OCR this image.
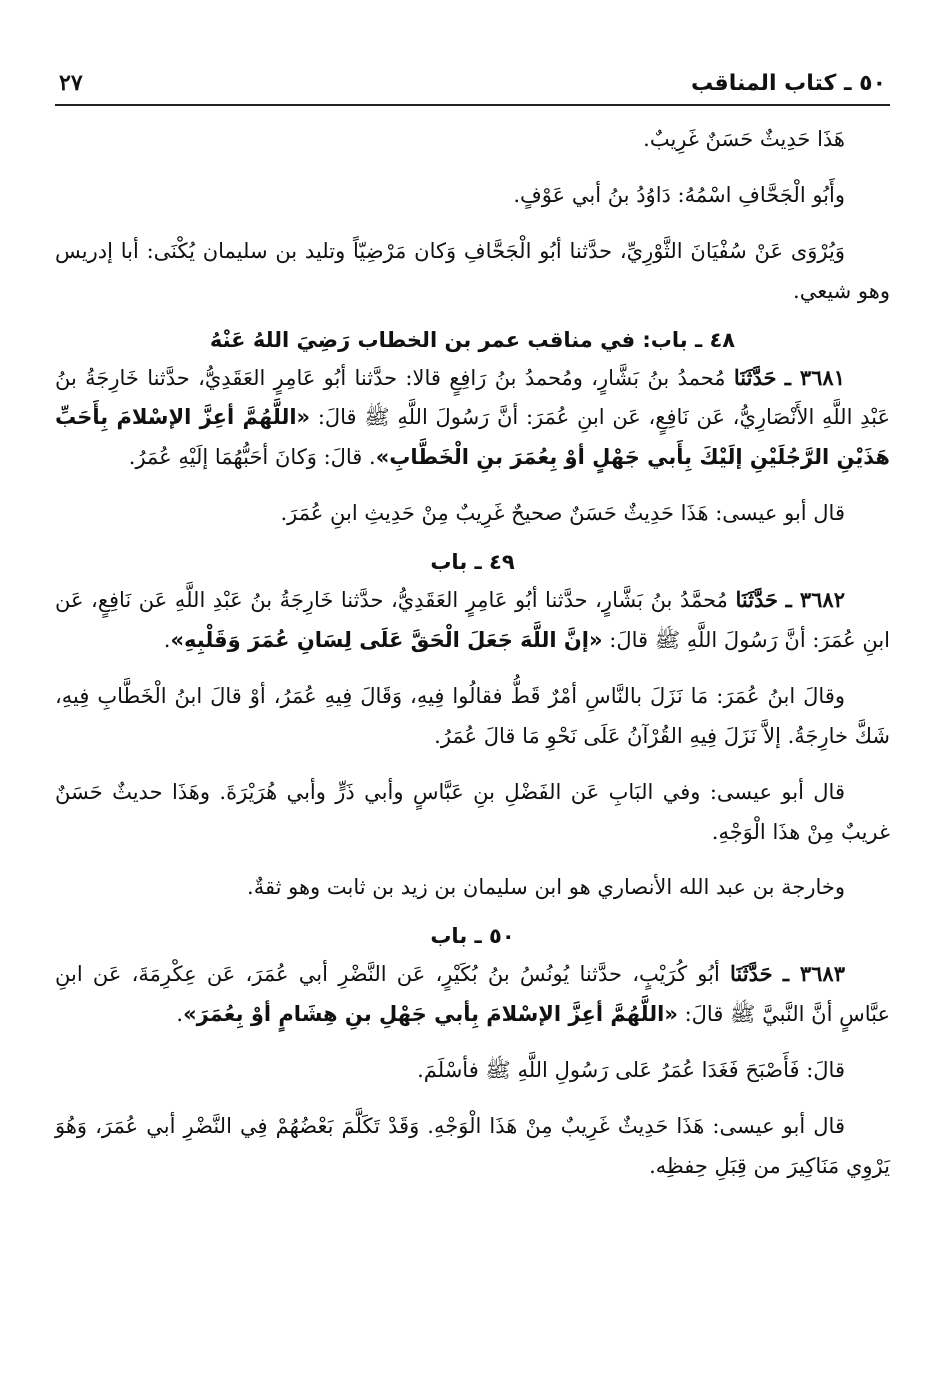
٥٠ ـ كتاب المناقب
٢٧

هَذَا حَدِيثٌ حَسَنٌ غَرِيبٌ.

وأَبُو الْجَحَّافِ اسْمُهُ: دَاوُدُ بنُ أبي عَوْفٍ.

وَيُرْوَى عَنْ سُفْيَانَ الثَّوْرِيِّ، حدَّثنا أبُو الْجَحَّافِ وَكان مَرْضِيّاً وتليد بن سليمان يُكْنَى: أبا إدريس وهو شيعي.

٤٨ ـ باب: في مناقب عمر بن الخطاب رَضِيَ اللهُ عَنْهُ

٣٦٨١ ـ حَدَّثَنَا مُحمدُ بنُ بَشَّارٍ، ومُحمدُ بنُ رَافِعٍ قالا: حدَّثنا أبُو عَامِرٍ العَقَدِيُّ، حدَّثنا خَارِجَةُ بنُ عَبْدِ اللَّهِ الأَنْصَارِيُّ، عَن نَافِعٍ، عَن ابنِ عُمَرَ: أنَّ رَسُولَ اللَّهِ ﷺ قالَ: «اللَّهُمَّ أعِزَّ الإسْلامَ بِأَحَبِّ هَذَيْنِ الرَّجُلَيْنِ إلَيْكَ بِأَبي جَهْلٍ أوْ بِعُمَرَ بنِ الْخَطَّابِ». قالَ: وَكانَ أحَبُّهُمَا إلَيْهِ عُمَرُ.

قال أبو عيسى: هَذَا حَدِيثٌ حَسَنٌ صحيحٌ غَرِيبٌ مِنْ حَدِيثِ ابنِ عُمَرَ.

٤٩ ـ باب

٣٦٨٢ ـ حَدَّثَنَا مُحمَّدُ بنُ بَشَّارٍ، حدَّثنا أبُو عَامِرٍ العَقَدِيُّ، حدَّثنا خَارِجَةُ بنُ عَبْدِ اللَّهِ عَن نَافِعٍ، عَن ابنِ عُمَرَ: أنَّ رَسُولَ اللَّهِ ﷺ قالَ: «إنَّ اللَّهَ جَعَلَ الْحَقَّ عَلَى لِسَانِ عُمَرَ وَقَلْبِهِ».

وقالَ ابنُ عُمَرَ: مَا نَزَلَ بالنَّاسِ أمْرٌ قَطُّ فقالُوا فِيهِ، وَقَالَ فِيهِ عُمَرُ، أوْ قالَ ابنُ الْخَطَّابِ فِيهِ، شَكَّ خارِجَةُ. إلاَّ نَزَلَ فِيهِ القُرْآنُ عَلَى نَحْوِ مَا قالَ عُمَرُ.

قال أبو عيسى: وفي البَابِ عَن الفَضْلِ بنِ عَبَّاسٍ وأبي ذَرٍّ وأبي هُرَيْرَةَ. وهَذَا حديثٌ حَسَنٌ غريبٌ مِنْ هذَا الْوَجْهِ.

وخارجة بن عبد الله الأنصاري هو ابن سليمان بن زيد بن ثابت وهو ثقةٌ.

٥٠ ـ باب

٣٦٨٣ ـ حَدَّثَنَا أبُو كُرَيْبٍ، حدَّثنا يُونُسُ بنُ بُكَيْرٍ، عَن النَّضْرِ أبي عُمَرَ، عَن عِكْرِمَةَ، عَن ابنِ عبَّاسٍ أنَّ النَّبيَّ ﷺ قالَ: «اللَّهُمَّ أعِزَّ الإسْلامَ بِأبي جَهْلِ بنِ هِشَامٍ أوْ بِعُمَرَ».

قالَ: فَأَصْبَحَ فَغَدَا عُمَرُ عَلى رَسُولِ اللَّهِ ﷺ فأسْلَمَ.

قال أبو عيسى: هَذَا حَدِيثٌ غَرِيبٌ مِنْ هَذَا الْوَجْهِ. وَقَدْ تَكَلَّمَ بَعْضُهُمْ فِي النَّضْرِ أبي عُمَرَ، وَهُوَ يَرْوِي مَنَاكِيرَ من قِبَلِ حِفظِه.
